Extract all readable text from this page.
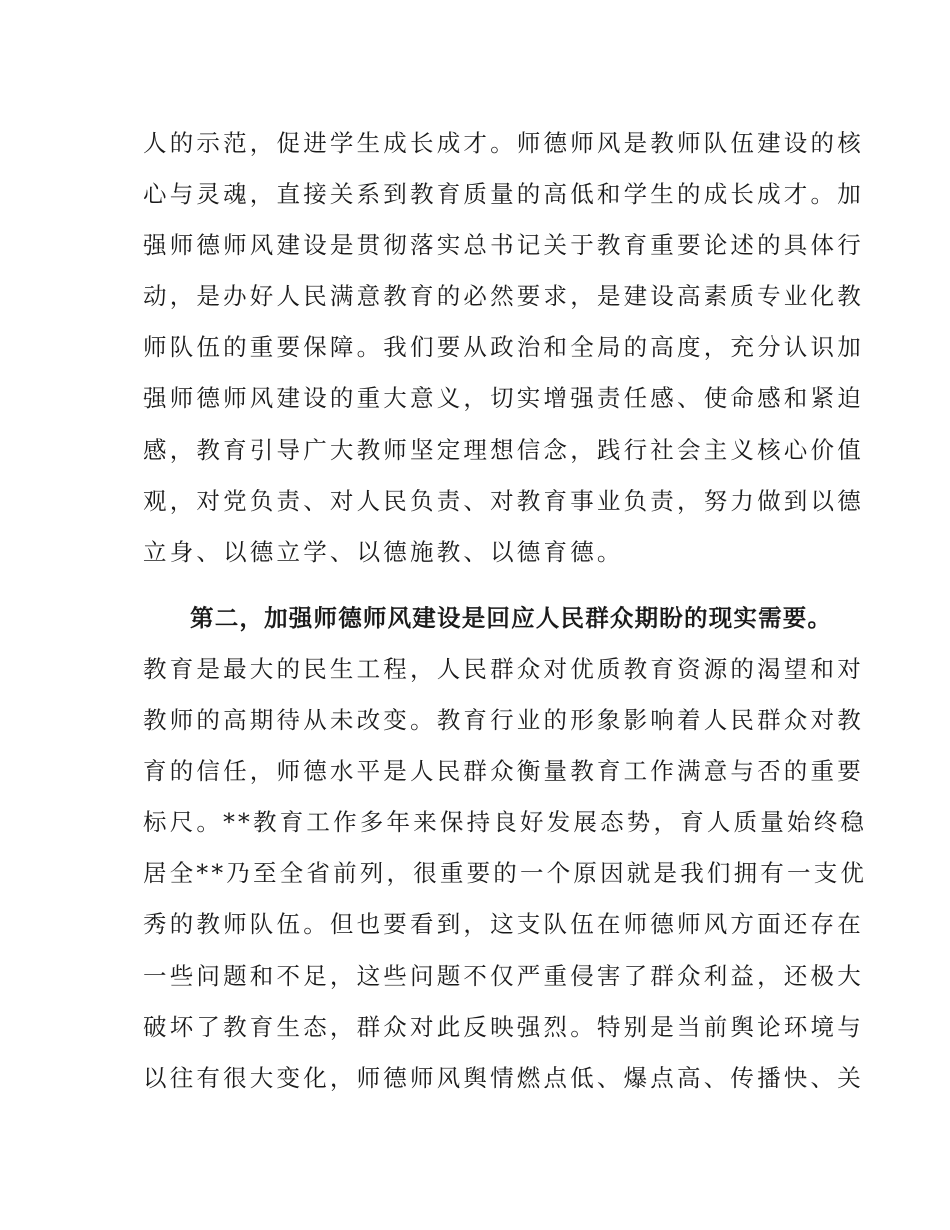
人的示范，促进学生成长成才。师德师风是教师队伍建设的核
心与灵魂，直接关系到教育质量的高低和学生的成长成才。加
强师德师风建设是贯彻落实总书记关于教育重要论述的具体行
动，是办好人民满意教育的必然要求，是建设高素质专业化教
师队伍的重要保障。我们要从政治和全局的高度，充分认识加
强师德师风建设的重大意义，切实增强责任感、使命感和紧迫
感，教育引导广大教师坚定理想信念，践行社会主义核心价值
观，对党负责、对人民负责、对教育事业负责，努力做到以德
立身、以德立学、以德施教、以德育德。
第二，加强师德师风建设是回应人民群众期盼的现实需要。
教育是最大的民生工程，人民群众对优质教育资源的渴望和对
教师的高期待从未改变。教育行业的形象影响着人民群众对教
育的信任，师德水平是人民群众衡量教育工作满意与否的重要
标尺。**教育工作多年来保持良好发展态势，育人质量始终稳
居全**乃至全省前列，很重要的一个原因就是我们拥有一支优
秀的教师队伍。但也要看到，这支队伍在师德师风方面还存在
一些问题和不足，这些问题不仅严重侵害了群众利益，还极大
破坏了教育生态，群众对此反映强烈。特别是当前舆论环境与
以往有很大变化，师德师风舆情燃点低、爆点高、传播快、关
